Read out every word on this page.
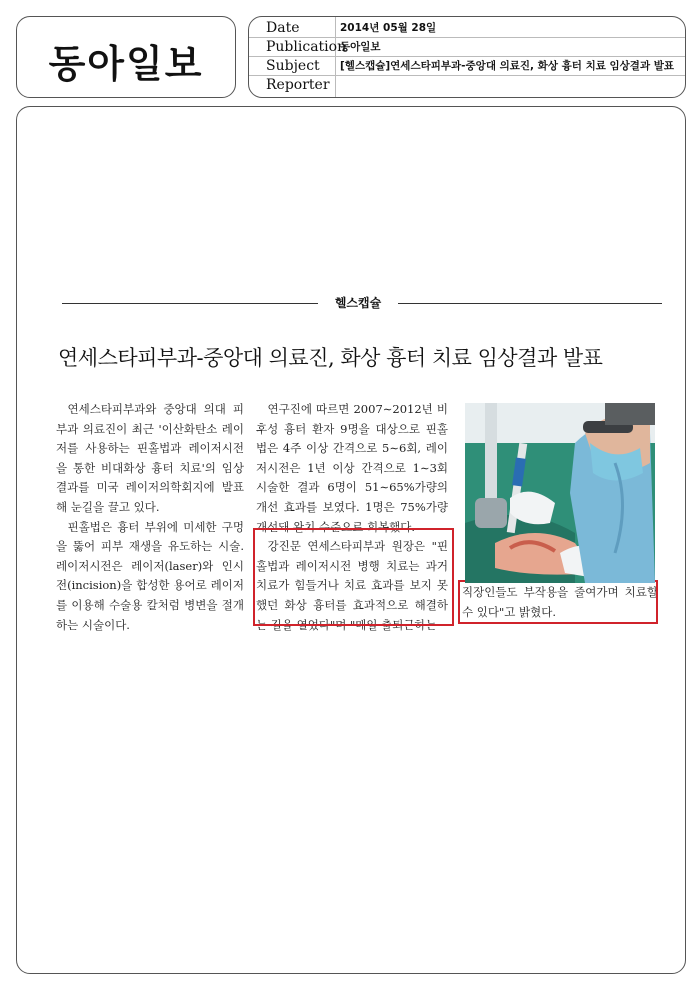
동아일보
Date	2014년 05월 28일
Publication
동아일보
Subject [헬스캡슐]연세스타피부과-중앙대 의료진, 화상 흉터 치료 임상결과 발표
Reporter
헬스캡슐
연세스타피부과-중앙대 의료진, 화상 흉터 치료 임상결과 발표

연세스타피부과와 중앙대 의대 피부과 의료진이 최근 '이산화탄소 레이저를 사용하는 핀홀법과 레이저시전을 통한 비대화상 흉터 치료'의 임상결과를 미국 레이저의학회지에 발표해 눈길을 끌고 있다.

핀홀법은 흉터 부위에 미세한 구멍을 뚫어 피부 재생을 유도하는 시술. 레이저시전은 레이저(laser)와 인시전(incision)을 합성한 용어로 레이저를 이용해 수술용 칼처럼 병변을 절개하는 시술이다.

연구진에 따르면 2007∼2012년 비후성 흉터 환자 9명을 대상으로 핀홀법은 4주 이상 간격으로 5∼6회, 레이저시전은 1년 이상 간격으로 1∼3회 시술한 결과 6명이 51∼65%가량의 개선 효과를 보였다. 1명은 75%가량 개선돼 완치 수준으로 회복했다.

강진문 연세스타피부과 원장은 "핀홀법과 레이저시전 병행 치료는 과거 치료가 힘들거나 치료 효과를 보지 못했던 화상 흉터를 효과적으로 해결하는 길을 열었다"며 "매일 출퇴근하는

직장인들도 부작용을 줄여가며 치료할 수 있다"고 밝혔다.
